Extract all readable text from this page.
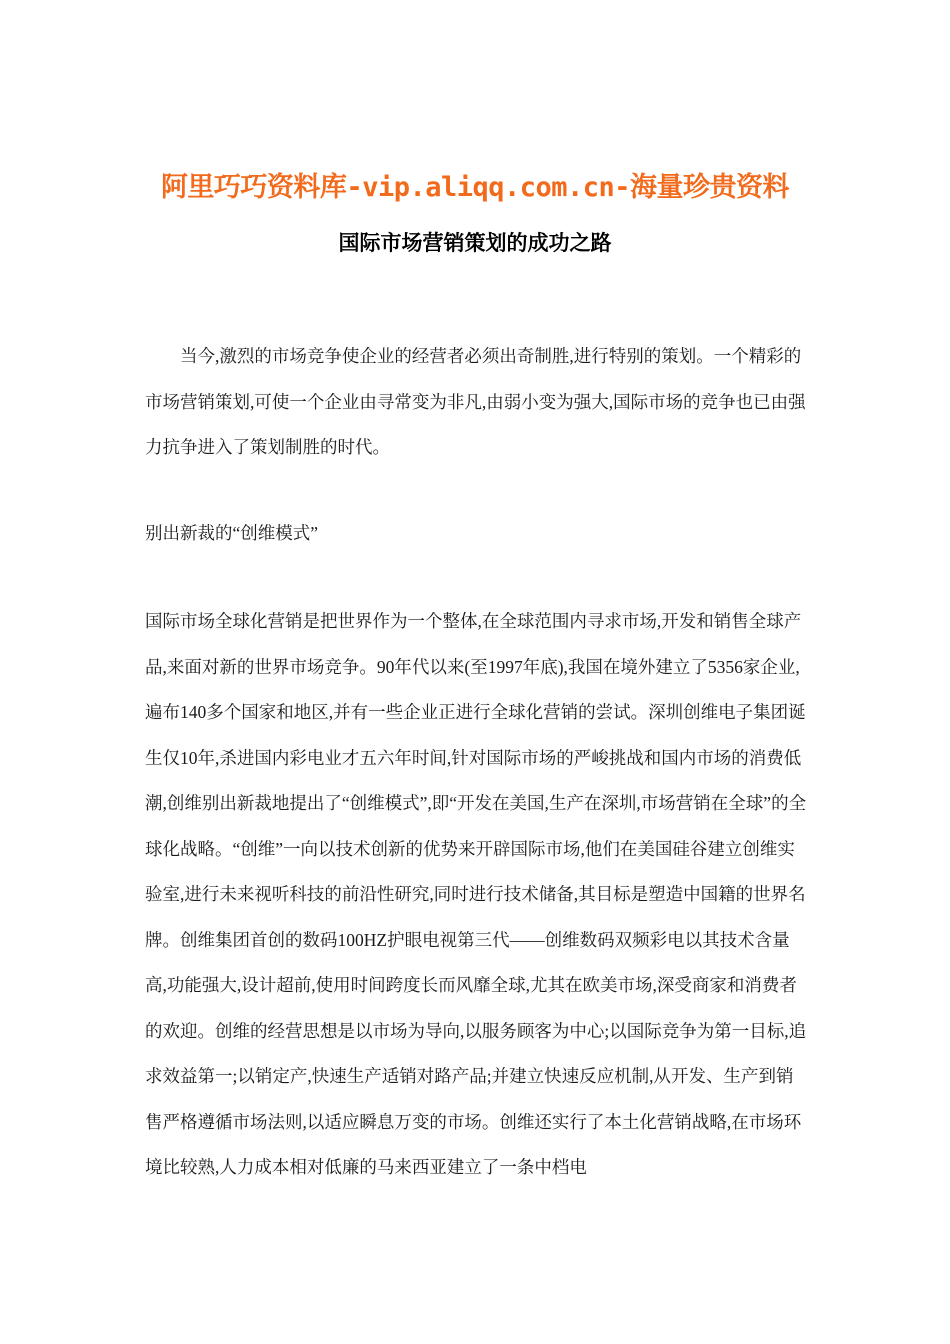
阿里巧巧资料库-vip.aliqq.com.cn-海量珍贵资料
国际市场营销策划的成功之路

当今,激烈的市场竞争使企业的经营者必须出奇制胜,进行特别的策划。一个精彩的市场营销策划,可使一个企业由寻常变为非凡,由弱小变为强大,国际市场的竞争也已由强力抗争进入了策划制胜的时代。

别出新裁的“创维模式”

国际市场全球化营销是把世界作为一个整体,在全球范围内寻求市场,开发和销售全球产品,来面对新的世界市场竞争。90年代以来(至1997年底),我国在境外建立了5356家企业,遍布140多个国家和地区,并有一些企业正进行全球化营销的尝试。深圳创维电子集团诞生仅10年,杀进国内彩电业才五六年时间,针对国际市场的严峻挑战和国内市场的消费低潮,创维别出新裁地提出了“创维模式”,即“开发在美国,生产在深圳,市场营销在全球”的全球化战略。“创维”一向以技术创新的优势来开辟国际市场,他们在美国硅谷建立创维实验室,进行未来视听科技的前沿性研究,同时进行技术储备,其目标是塑造中国籍的世界名牌。创维集团首创的数码100HZ护眼电视第三代——创维数码双频彩电以其技术含量高,功能强大,设计超前,使用时间跨度长而风靡全球,尤其在欧美市场,深受商家和消费者的欢迎。创维的经营思想是以市场为导向,以服务顾客为中心;以国际竞争为第一目标,追求效益第一;以销定产,快速生产适销对路产品;并建立快速反应机制,从开发、生产到销售严格遵循市场法则,以适应瞬息万变的市场。创维还实行了本土化营销战略,在市场环境比较熟,人力成本相对低廉的马来西亚建立了一条中档电
